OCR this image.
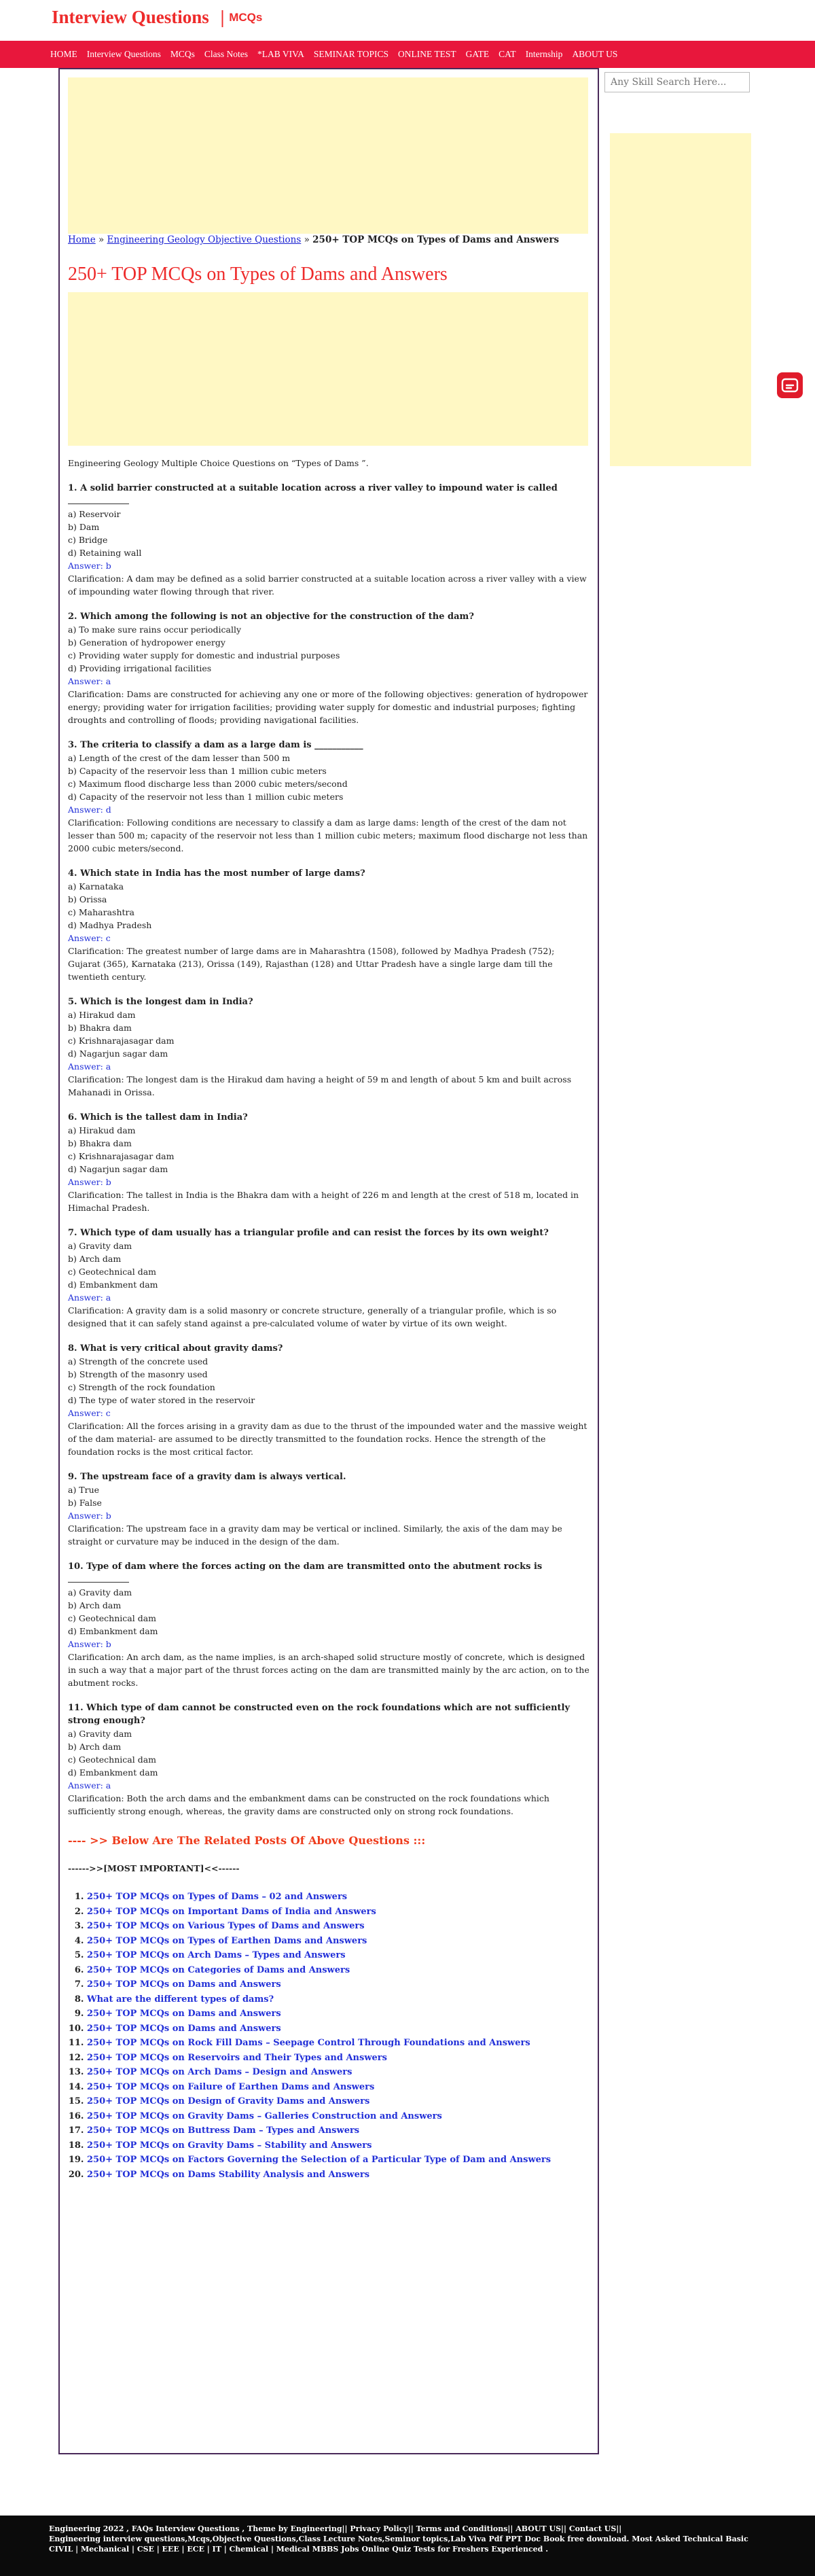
Interview Questions | MCQs
HOME Interview Questions MCQs Class Notes *LAB VIVA SEMINAR TOPICS ONLINE TEST GATE CAT Internship ABOUT US
Home » Engineering Geology Objective Questions » 250+ TOP MCQs on Types of Dams and Answers
250+ TOP MCQs on Types of Dams and Answers

Engineering Geology Multiple Choice Questions on “Types of Dams ”.

1. A solid barrier constructed at a suitable location across a river valley to impound water is called

a) Reservoir

b) Dam

c) Bridge

d) Retaining wall

Answer: b

Clarification: A dam may be defined as a solid barrier constructed at a suitable location across a river valley with a view of impounding water flowing through that river.

2. Which among the following is not an objective for the construction of the dam?

a) To make sure rains occur periodically

b) Generation of hydropower energy

c) Providing water supply for domestic and industrial purposes

d) Providing irrigational facilities

Answer: a

Clarification: Dams are constructed for achieving any one or more of the following objectives: generation of hydropower energy; providing water for irrigation facilities; providing water supply for domestic and industrial purposes; fighting droughts and controlling of floods; providing navigational facilities.

3. The criteria to classify a dam as a large dam is ___________

a) Length of the crest of the dam lesser than 500 m

b) Capacity of the reservoir less than 1 million cubic meters

c) Maximum flood discharge less than 2000 cubic meters/second

d) Capacity of the reservoir not less than 1 million cubic meters

Answer: d

Clarification: Following conditions are necessary to classify a dam as large dams: length of the crest of the dam not lesser than 500 m; capacity of the reservoir not less than 1 million cubic meters; maximum flood discharge not less than 2000 cubic meters/second.

4. Which state in India has the most number of large dams?

a) Karnataka

b) Orissa

c) Maharashtra

d) Madhya Pradesh

Answer: c

Clarification: The greatest number of large dams are in Maharashtra (1508), followed by Madhya Pradesh (752); Gujarat (365), Karnataka (213), Orissa (149), Rajasthan (128) and Uttar Pradesh have a single large dam till the twentieth century.

5. Which is the longest dam in India?

a) Hirakud dam

b) Bhakra dam

c) Krishnarajasagar dam

d) Nagarjun sagar dam

Answer: a

Clarification: The longest dam is the Hirakud dam having a height of 59 m and length of about 5 km and built across Mahanadi in Orissa.

6. Which is the tallest dam in India?

a) Hirakud dam

b) Bhakra dam

c) Krishnarajasagar dam

d) Nagarjun sagar dam

Answer: b

Clarification: The tallest in India is the Bhakra dam with a height of 226 m and length at the crest of 518 m, located in Himachal Pradesh.

7. Which type of dam usually has a triangular profile and can resist the forces by its own weight?

a) Gravity dam

b) Arch dam

c) Geotechnical dam

d) Embankment dam

Answer: a

Clarification: A gravity dam is a solid masonry or concrete structure, generally of a triangular profile, which is so designed that it can safely stand against a pre-calculated volume of water by virtue of its own weight.

8. What is very critical about gravity dams?

a) Strength of the concrete used

b) Strength of the masonry used

c) Strength of the rock foundation

d) The type of water stored in the reservoir

Answer: c

Clarification: All the forces arising in a gravity dam as due to the thrust of the impounded water and the massive weight of the dam material- are assumed to be directly transmitted to the foundation rocks. Hence the strength of the foundation rocks is the most critical factor.

9. The upstream face of a gravity dam is always vertical.

a) True

b) False

Answer: b

Clarification: The upstream face in a gravity dam may be vertical or inclined. Similarly, the axis of the dam may be straight or curvature may be induced in the design of the dam.

10. Type of dam where the forces acting on the dam are transmitted onto the abutment rocks is

a) Gravity dam

b) Arch dam

c) Geotechnical dam

d) Embankment dam

Answer: b

Clarification: An arch dam, as the name implies, is an arch-shaped solid structure mostly of concrete, which is designed in such a way that a major part of the thrust forces acting on the dam are transmitted mainly by the arc action, on to the abutment rocks.

11. Which type of dam cannot be constructed even on the rock foundations which are not sufficiently strong enough?

a) Gravity dam

b) Arch dam

c) Geotechnical dam

d) Embankment dam

Answer: a

Clarification: Both the arch dams and the embankment dams can be constructed on the rock foundations which sufficiently strong enough, whereas, the gravity dams are constructed only on strong rock foundations.

---- >> Below Are The Related Posts Of Above Questions :::
------>>[MOST IMPORTANT]<<------
1. 250+ TOP MCQs on Types of Dams – 02 and Answers
2. 250+ TOP MCQs on Important Dams of India and Answers
3. 250+ TOP MCQs on Various Types of Dams and Answers
4. 250+ TOP MCQs on Types of Earthen Dams and Answers
5. 250+ TOP MCQs on Arch Dams – Types and Answers
6. 250+ TOP MCQs on Categories of Dams and Answers
7. 250+ TOP MCQs on Dams and Answers
8. What are the different types of dams?
9. 250+ TOP MCQs on Dams and Answers
10. 250+ TOP MCQs on Dams and Answers
11. 250+ TOP MCQs on Rock Fill Dams – Seepage Control Through Foundations and Answers
12. 250+ TOP MCQs on Reservoirs and Their Types and Answers
13. 250+ TOP MCQs on Arch Dams – Design and Answers
14. 250+ TOP MCQs on Failure of Earthen Dams and Answers
15. 250+ TOP MCQs on Design of Gravity Dams and Answers
16. 250+ TOP MCQs on Gravity Dams – Galleries Construction and Answers
17. 250+ TOP MCQs on Buttress Dam – Types and Answers
18. 250+ TOP MCQs on Gravity Dams – Stability and Answers
19. 250+ TOP MCQs on Factors Governing the Selection of a Particular Type of Dam and Answers
20. 250+ TOP MCQs on Dams Stability Analysis and Answers
Any Skill Search Here...

Engineering 2022 , FAQs Interview Questions , Theme by Engineering|| Privacy Policy|| Terms and Conditions|| ABOUT US|| Contact US||

Engineering interview questions,Mcqs,Objective Questions,Class Lecture Notes,Seminor topics,Lab Viva Pdf PPT Doc Book free download. Most Asked Technical Basic CIVIL | Mechanical | CSE | EEE | ECE | IT | Chemical | Medical MBBS Jobs Online Quiz Tests for Freshers Experienced .
